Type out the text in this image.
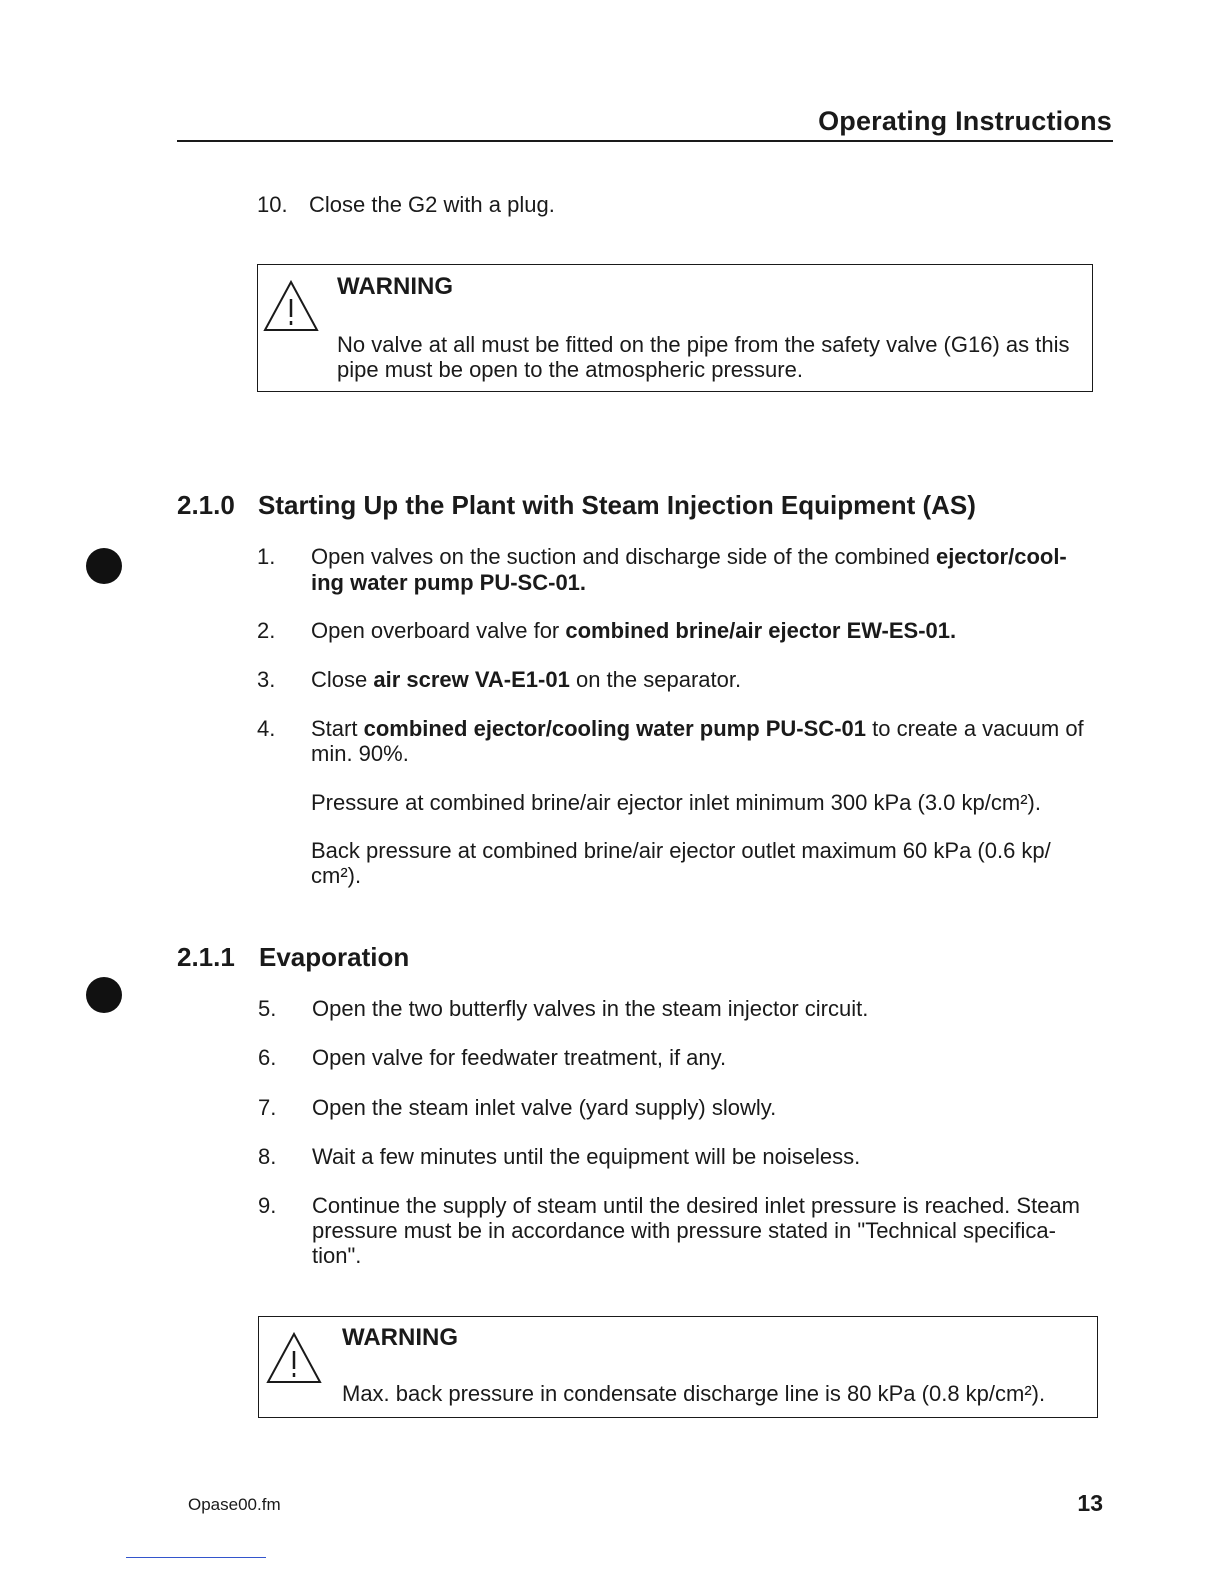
Operating Instructions
10. Close the G2 with a plug.
WARNING
No valve at all must be fitted on the pipe from the safety valve (G16) as this
pipe must be open to the atmospheric pressure.
2.1.0 Starting Up the Plant with Steam Injection Equipment (AS)
1. Open valves on the suction and discharge side of the combined ejector/cool-
ing water pump PU-SC-01.
2. Open overboard valve for combined brine/air ejector EW-ES-01.
3. Close air screw VA-E1-01 on the separator.
4. Start combined ejector/cooling water pump PU-SC-01 to create a vacuum of
min. 90%.
Pressure at combined brine/air ejector inlet minimum 300 kPa (3.0 kp/cm²).
Back pressure at combined brine/air ejector outlet maximum 60 kPa (0.6 kp/
cm²).
2.1.1 Evaporation
5. Open the two butterfly valves in the steam injector circuit.
6. Open valve for feedwater treatment, if any.
7. Open the steam inlet valve (yard supply) slowly.
8. Wait a few minutes until the equipment will be noiseless.
9. Continue the supply of steam until the desired inlet pressure is reached. Steam
pressure must be in accordance with pressure stated in "Technical specifica-
tion".
WARNING
Max. back pressure in condensate discharge line is 80 kPa (0.8 kp/cm²).
Opase00.fm	13
